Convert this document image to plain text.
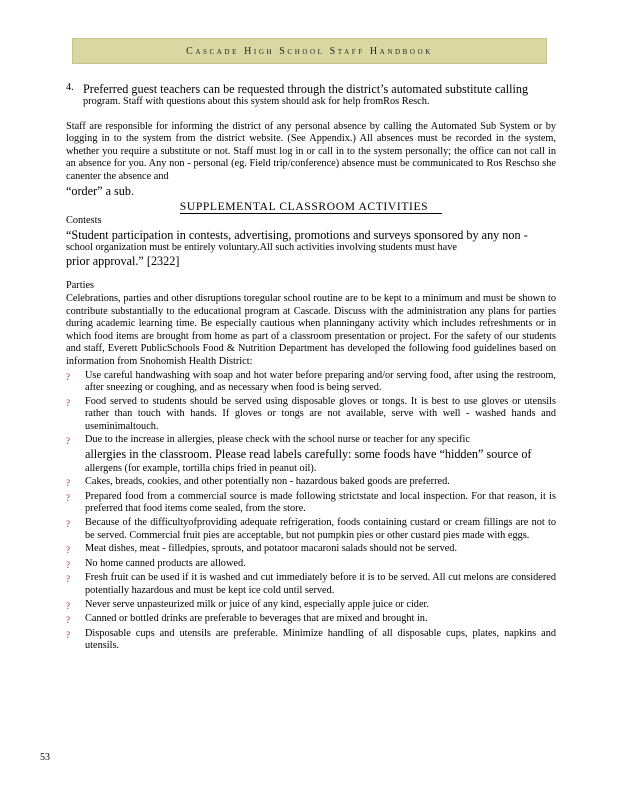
Cascade High School Staff Handbook
4. Preferred guest teachers can be requested through the district’s automated substitute calling
program. Staff with questions about this system should ask for help fromRos Resch.

Staff are responsible for informing the district of any personal absence by calling the Automated Sub System or by logging in to the system from the district website. (See Appendix.) All absences must be recorded in the system, whether you require a substitute or not. Staff must log in or call in to the system personally; the office can not call in an absence for you. Any non - personal (eg. Field trip/conference) absence must be communicated to Ros Reschso she canenter the absence and

“order” a sub.
SUPPLEMENTAL CLASSROOM ACTIVITIES

Contests

“Student participation in contests, advertising, promotions and surveys sponsored by any non -
school organization must be entirely voluntary.All such activities involving students must have
prior approval.” [2322]

Parties

Celebrations, parties and other disruptions toregular school routine are to be kept to a minimum and must be shown to contribute substantially to the educational program at Cascade. Discuss with the administration any plans for parties during academic learning time. Be especially cautious when planningany activity which includes refreshments or in which food items are brought from home as part of a classroom presentation or project. For the safety of our students and staff, Everett PublicSchools Food & Nutrition Department has developed the following food guidelines based on information from Snohomish Health District:

?	Use careful handwashing with soap and hot water before preparing and/or serving food, after using the restroom, after sneezing or coughing, and as necessary when food is being served.
?	Food served to students should be served using disposable gloves or tongs. It is best to use gloves or utensils rather than touch with hands. If gloves or tongs are not available, serve with well - washed hands and useminimaltouch.
?	Due to the increase in allergies, please check with the school nurse or teacher for any specific
allergies in the classroom. Please read labels carefully: some foods have “hidden” source of
allergens (for example, tortilla chips fried in peanut oil).
?	Cakes, breads, cookies, and other potentially non - hazardous baked goods are preferred.
?	Prepared food from a commercial source is made following strictstate and local inspection. For that reason, it is preferred that food items come sealed, from the store.
?	Because of the difficultyofproviding adequate refrigeration, foods containing custard or cream fillings are not to be served. Commercial fruit pies are acceptable, but not pumpkin pies or other custard pies made with eggs.
?	Meat dishes, meat - filledpies, sprouts, and potatoor macaroni salads should not be served.
?	No home canned products are allowed.
?	Fresh fruit can be used if it is washed and cut immediately before it is to be served. All cut melons are considered potentially hazardous and must be kept ice cold until served.
?	Never serve unpasteurized milk or juice of any kind, especially apple juice or cider.
?	Canned or bottled drinks are preferable to beverages that are mixed and brought in.
?	Disposable cups and utensils are preferable. Minimize handling of all disposable cups, plates, napkins and utensils.
53
